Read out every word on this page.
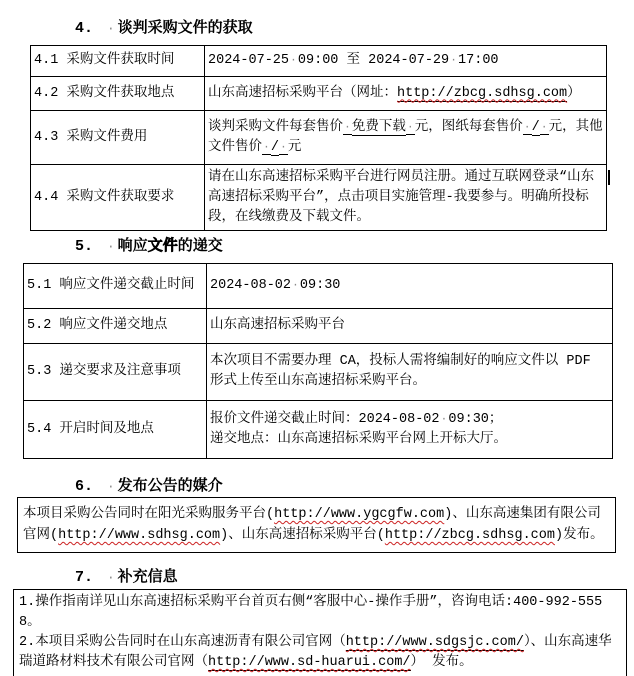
4. · 谈判采购文件的获取
4.1 采购文件获取时间	2024-07-25·09:00 至 2024-07-29·17:00
4.2 采购文件获取地点	山东高速招标采购平台（网址：http://zbcg.sdhsg.com）
4.3 采购文件费用	谈判采购文件每套售价·免费下载·元，图纸每套售价·/·元，其他文件售价·/·元
4.4 采购文件获取要求	请在山东高速招标采购平台进行网员注册。通过互联网登录“山东高速招标采购平台”，点击项目实施管理-我要参与。明确所投标段，在线缴费及下载文件。
5. · 响应文件的递交
5.1 响应文件递交截止时间	2024-08-02·09:30
5.2 响应文件递交地点	山东高速招标采购平台
5.3 递交要求及注意事项	本次项目不需要办理 CA，投标人需将编制好的响应文件以 PDF 形式上传至山东高速招标采购平台。
5.4 开启时间及地点	报价文件递交截止时间：2024-08-02·09:30；
递交地点：山东高速招标采购平台网上开标大厅。
6. · 发布公告的媒介
本项目采购公告同时在阳光采购服务平台(http://www.ygcgfw.com)、山东高速集团有限公司官网(http://www.sdhsg.com)、山东高速招标采购平台(http://zbcg.sdhsg.com)发布。
7. · 补充信息
1.操作指南详见山东高速招标采购平台首页右侧“客服中心-操作手册”，咨询电话:400-992-5558。
2.本项目采购公告同时在山东高速沥青有限公司官网（http://www.sdgsjc.com/）、山东高速华瑞道路材料技术有限公司官网（http://www.sd-huarui.com/） 发布。
